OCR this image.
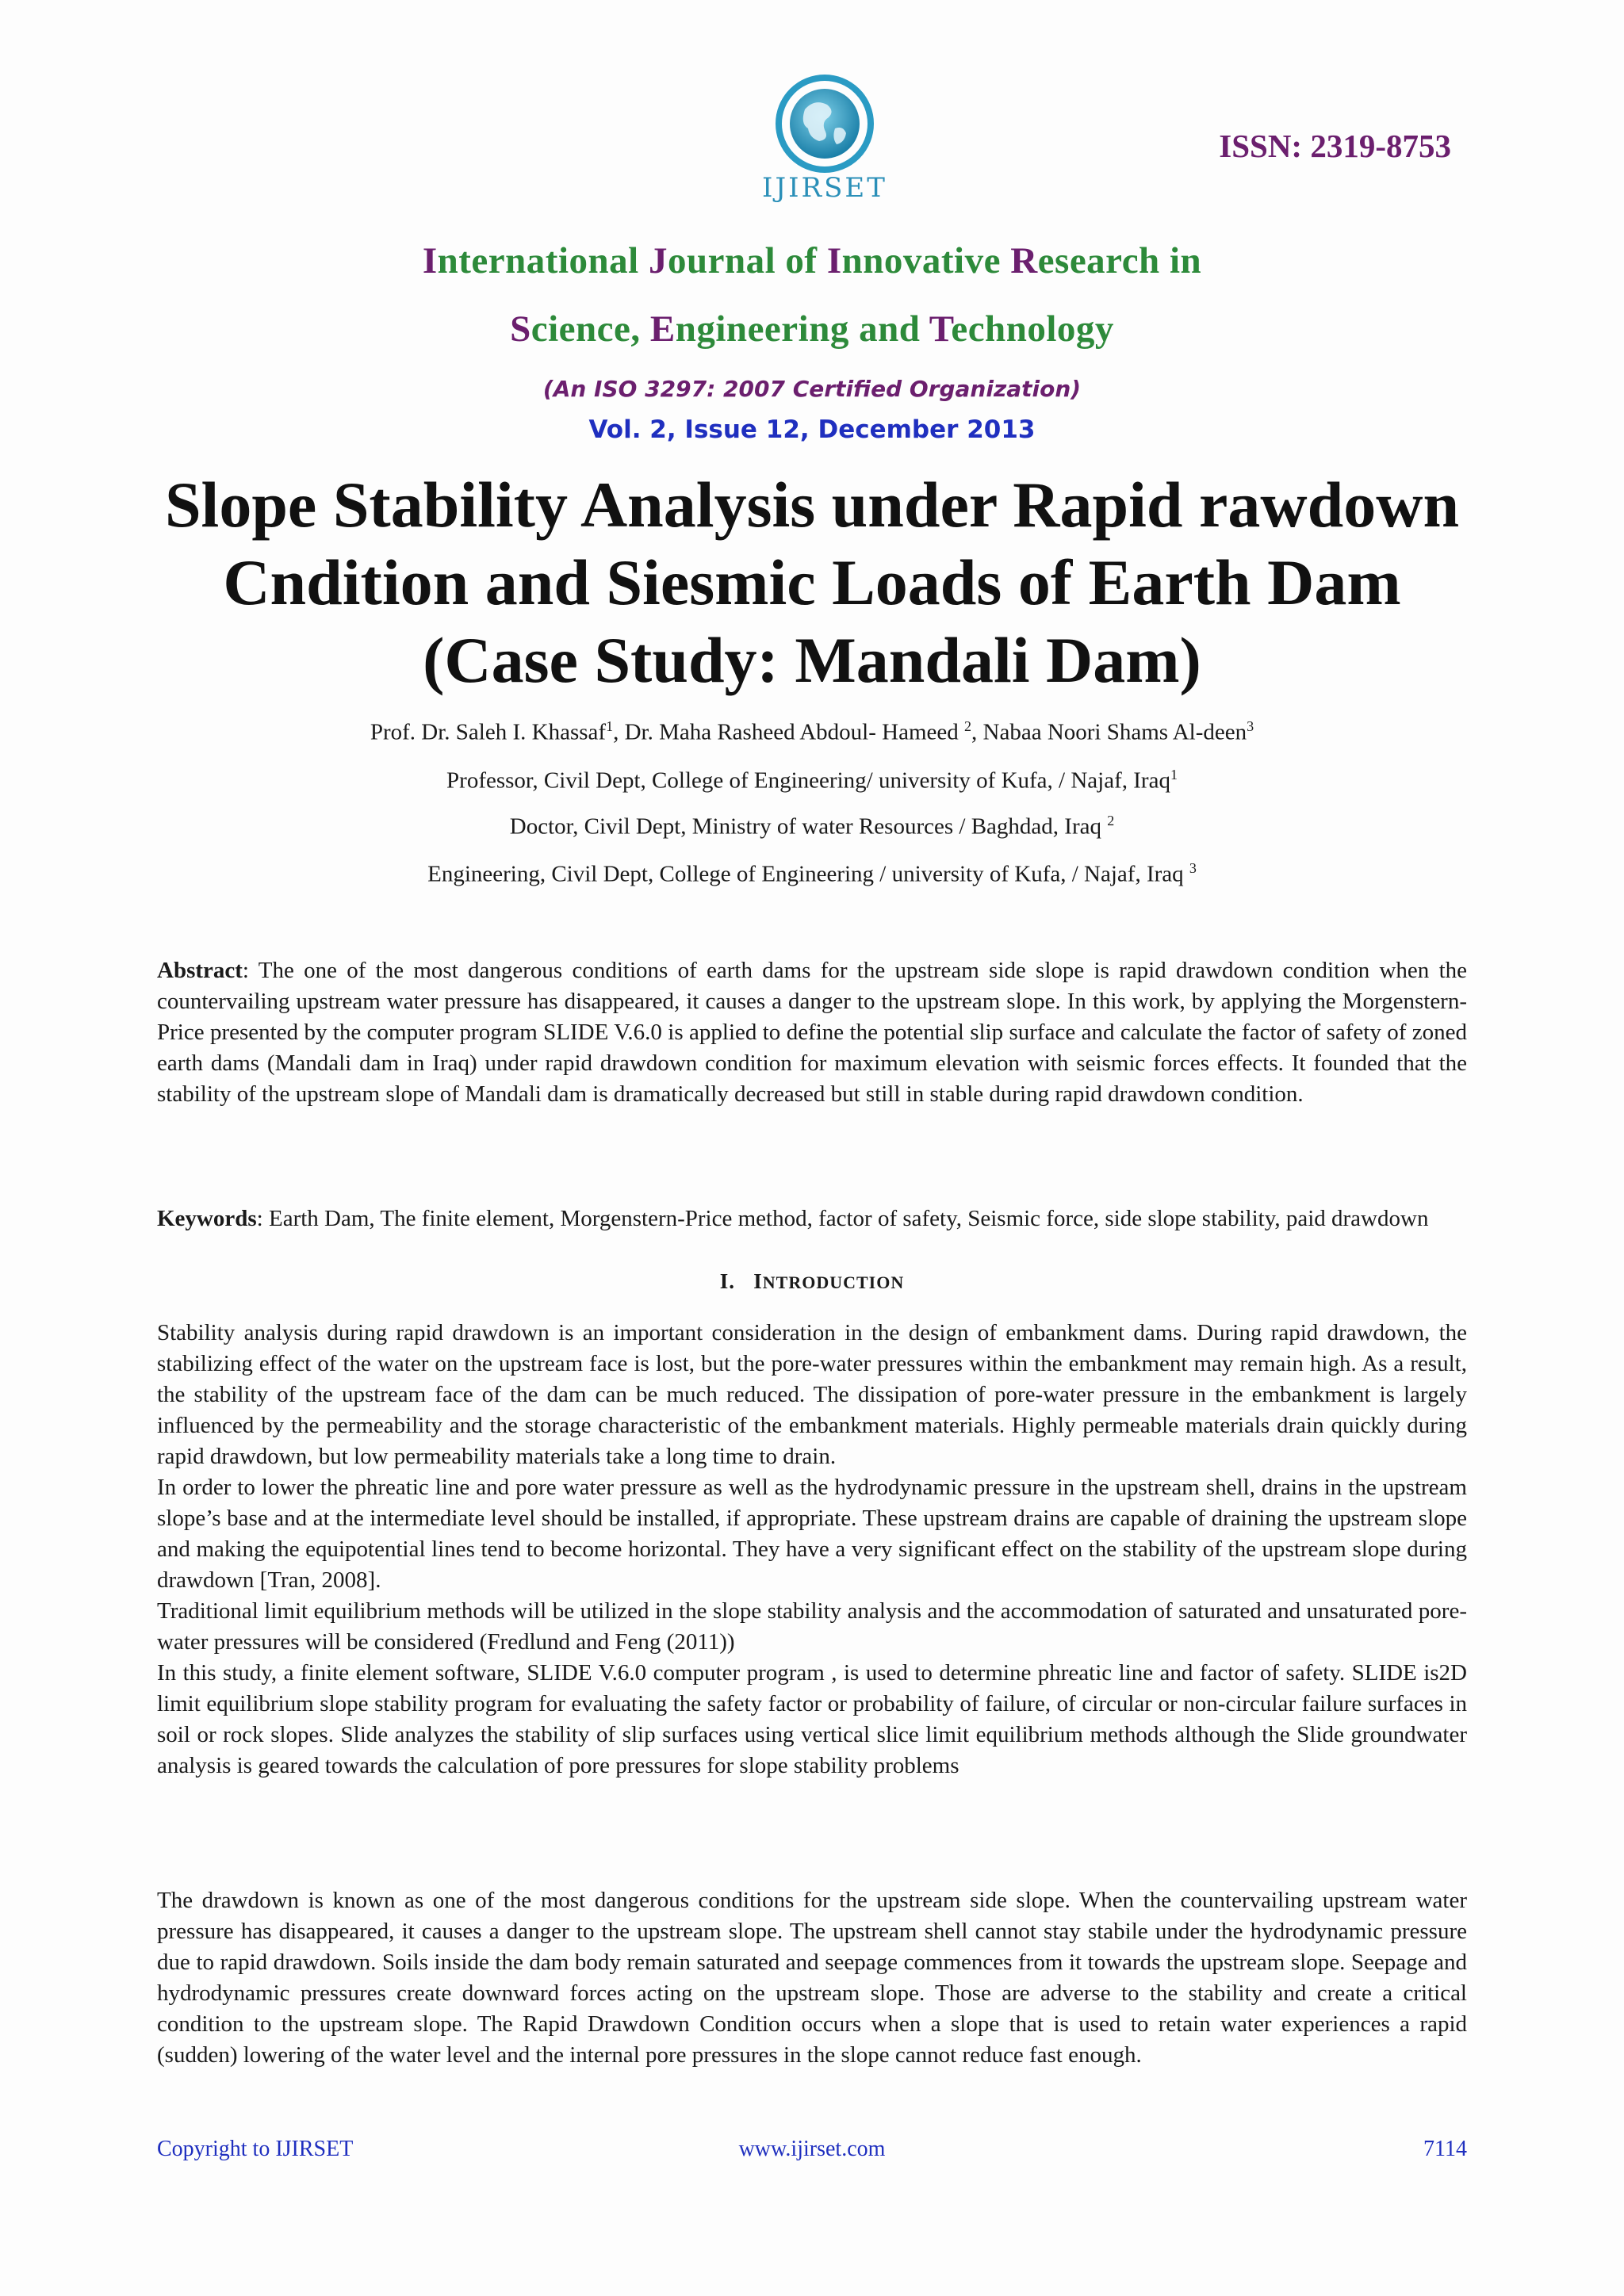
IJIRSET
ISSN: 2319-8753
International Journal of Innovative Research in
Science, Engineering and Technology
(An ISO 3297: 2007 Certified Organization)
Vol. 2, Issue 12, December 2013
Slope Stability Analysis under Rapid rawdown
Cndition and Siesmic Loads of Earth Dam
(Case Study: Mandali Dam)
Prof. Dr. Saleh I. Khassaf$^1$, Dr. Maha Rasheed Abdoul- Hameed $^2$, Nabaa Noori Shams Al-deen$^3$
Professor, Civil Dept, College of Engineering/ university of Kufa, / Najaf, Iraq$^1$
Doctor, Civil Dept, Ministry of water Resources / Baghdad, Iraq $^2$
Engineering, Civil Dept, College of Engineering / university of Kufa, / Najaf, Iraq $^3$
Abstract: The one of the most dangerous conditions of earth dams for the upstream side slope is rapid drawdown condition when the countervailing upstream water pressure has disappeared, it causes a danger to the upstream slope. In this work, by applying the Morgenstern-Price presented by the computer program SLIDE V.6.0 is applied to define the potential slip surface and calculate the factor of safety of zoned earth dams (Mandali dam in Iraq) under rapid drawdown condition for maximum elevation with seismic forces effects. It founded that the stability of the upstream slope of Mandali dam is dramatically decreased but still in stable during rapid drawdown condition.
Keywords: Earth Dam, The finite element, Morgenstern-Price method, factor of safety, Seismic force, side slope stability, paid drawdown
I. INTRODUCTION

Stability analysis during rapid drawdown is an important consideration in the design of embankment dams. During rapid drawdown, the stabilizing effect of the water on the upstream face is lost, but the pore-water pressures within the embankment may remain high. As a result, the stability of the upstream face of the dam can be much reduced. The dissipation of pore-water pressure in the embankment is largely influenced by the permeability and the storage characteristic of the embankment materials. Highly permeable materials drain quickly during rapid drawdown, but low permeability materials take a long time to drain.

In order to lower the phreatic line and pore water pressure as well as the hydrodynamic pressure in the upstream shell, drains in the upstream slope’s base and at the intermediate level should be installed, if appropriate. These upstream drains are capable of draining the upstream slope and making the equipotential lines tend to become horizontal. They have a very significant effect on the stability of the upstream slope during drawdown [Tran, 2008].

Traditional limit equilibrium methods will be utilized in the slope stability analysis and the accommodation of saturated and unsaturated pore-water pressures will be considered (Fredlund and Feng (2011))

In this study, a finite element software, SLIDE V.6.0 computer program , is used to determine phreatic line and factor of safety. SLIDE is2D limit equilibrium slope stability program for evaluating the safety factor or probability of failure, of circular or non-circular failure surfaces in soil or rock slopes. Slide analyzes the stability of slip surfaces using vertical slice limit equilibrium methods although the Slide groundwater analysis is geared towards the calculation of pore pressures for slope stability problems

The drawdown is known as one of the most dangerous conditions for the upstream side slope. When the countervailing upstream water pressure has disappeared, it causes a danger to the upstream slope. The upstream shell cannot stay stabile under the hydrodynamic pressure due to rapid drawdown. Soils inside the dam body remain saturated and seepage commences from it towards the upstream slope. Seepage and hydrodynamic pressures create downward forces acting on the upstream slope. Those are adverse to the stability and create a critical condition to the upstream slope. The Rapid Drawdown Condition occurs when a slope that is used to retain water experiences a rapid (sudden) lowering of the water level and the internal pore pressures in the slope cannot reduce fast enough.

Copyright to IJIRSET	www.ijirset.com	7114
